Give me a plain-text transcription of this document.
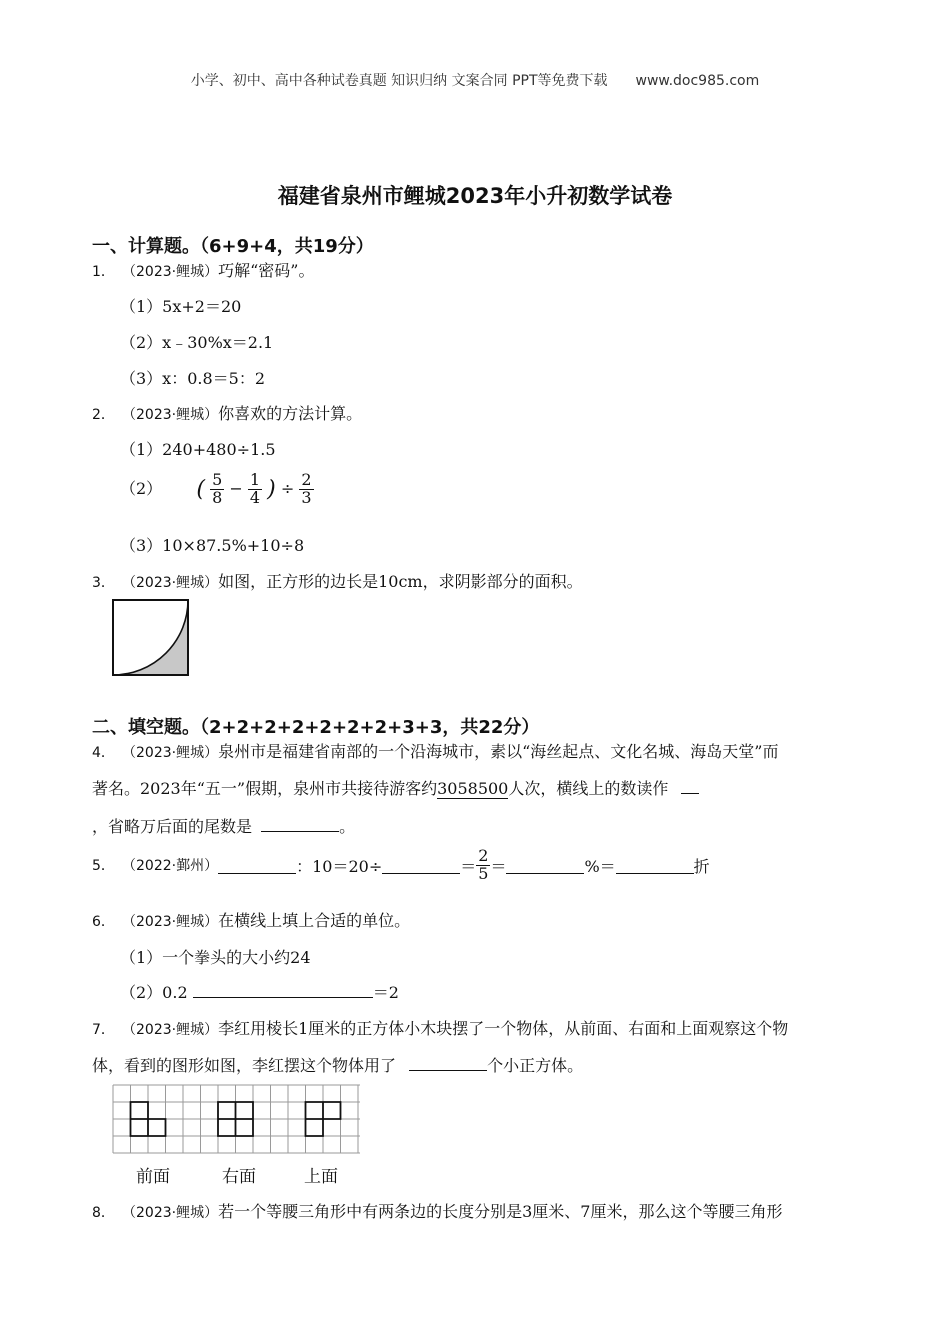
小学、初中、高中各种试卷真题 知识归纳 文案合同 PPT等免费下载 www.doc985.com
福建省泉州市鲤城2023年小升初数学试卷
一、计算题。（6+9+4，共19分）
1． （2023·鲤城）巧解“密码”。
（1）5x+2＝20
（2）x﹣30%x＝2.1
（3）x：0.8＝5：2
2． （2023·鲤城）你喜欢的方法计算。
（1）240+480÷1.5
（2） ( $\frac{5}{8} - \frac{1}{4}$ ) ÷ $\frac{2}{3}$
（3）10×87.5%+10÷8
3． （2023·鲤城）如图，正方形的边长是10cm，求阴影部分的面积。
二、填空题。（2+2+2+2+2+2+2+3+3，共22分）
4． （2023·鲤城）泉州市是福建省南部的一个沿海城市，素以“海丝起点、文化名城、海岛天堂”而
著名。2023年“五一”假期，泉州市共接待游客约3058500人次，横线上的数读作
，省略万后面的尾数是	。
5． （2022·鄞州）	：10＝20÷	＝ $\frac{2}{5}$ ＝	%＝	折
6． （2023·鲤城）在横线上填上合适的单位。
（1）一个拳头的大小约24
（2）0.2	＝2
7． （2023·鲤城）李红用棱长1厘米的正方体小木块摆了一个物体，从前面、右面和上面观察这个物
体，看到的图形如图，李红摆这个物体用了	个小正方体。
前面	右面	上面
8． （2023·鲤城）若一个等腰三角形中有两条边的长度分别是3厘米、7厘米，那么这个等腰三角形
